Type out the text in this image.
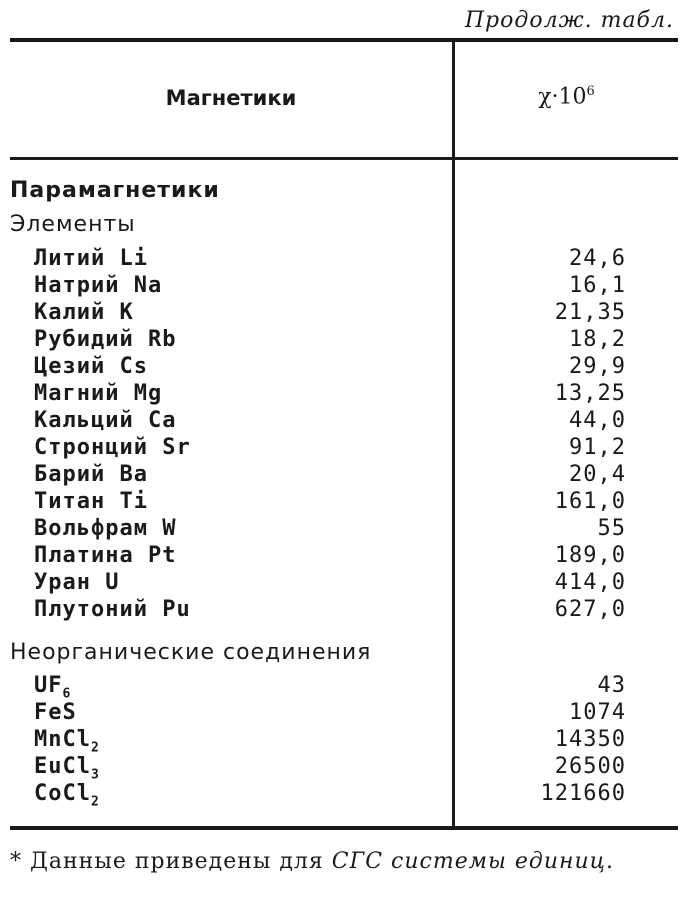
Продолж. табл.
Магнетики	$\chi\cdot 10^6$
Парамагнетики
Элементы
Литий Li	24,6
Натрий Na	16,1
Калий K	21,35
Рубидий Rb	18,2
Цезий Cs	29,9
Магний Mg	13,25
Кальций Ca	44,0
Стронций Sr	91,2
Барий Ba	20,4
Титан Ti	161,0
Вольфрам W	55
Платина Pt	189,0
Уран U	414,0
Плутоний Pu	627,0
Неорганические соединения
$UF_6$	43
FeS	1074
MnCl$_2$	14350
EuCl$_3$	26500
CoCl$_2$	121660
* Данные приведены для СГС системы единиц.
